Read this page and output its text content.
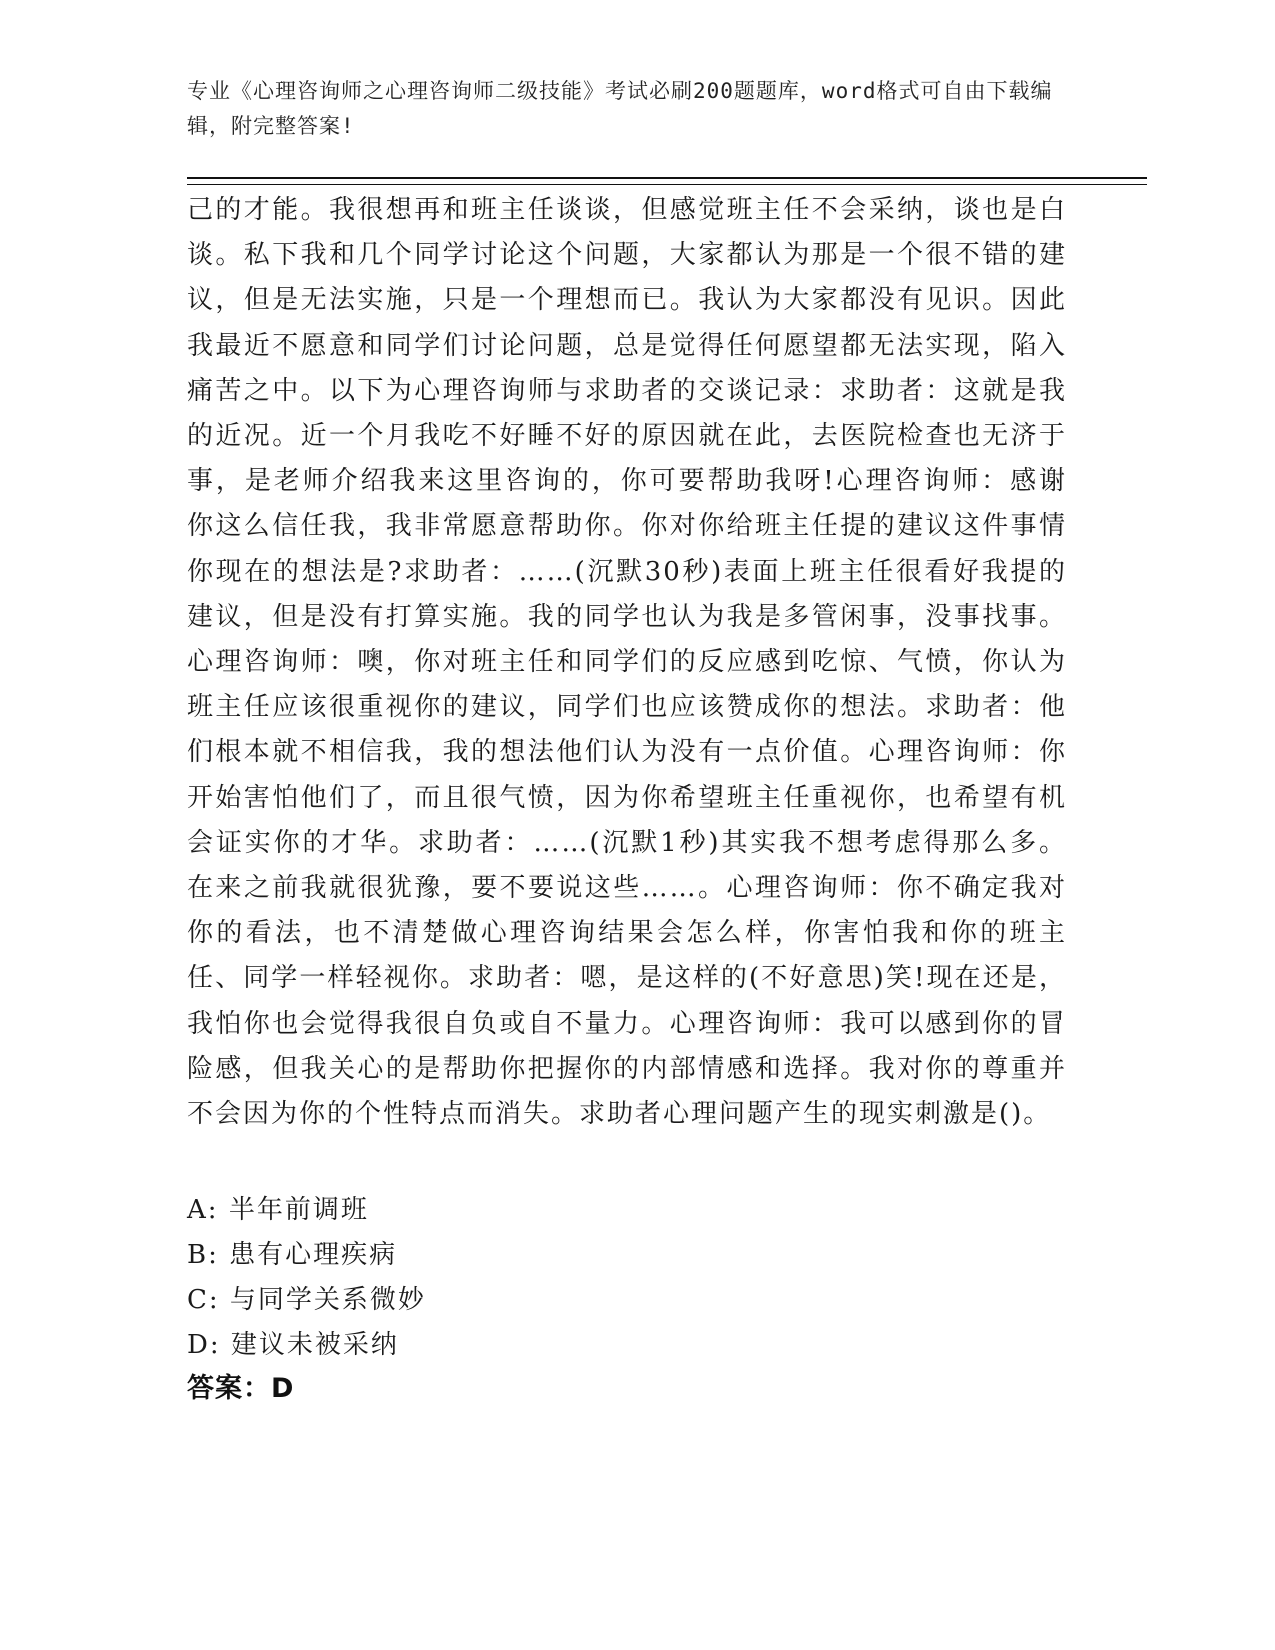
专业《心理咨询师之心理咨询师二级技能》考试必刷200题题库，word格式可自由下载编辑，附完整答案!

己的才能。我很想再和班主任谈谈，但感觉班主任不会采纳，谈也是白谈。私下我和几个同学讨论这个问题，大家都认为那是一个很不错的建议，但是无法实施，只是一个理想而已。我认为大家都没有见识。因此我最近不愿意和同学们讨论问题，总是觉得任何愿望都无法实现，陷入痛苦之中。以下为心理咨询师与求助者的交谈记录：求助者：这就是我的近况。近一个月我吃不好睡不好的原因就在此，去医院检查也无济于事，是老师介绍我来这里咨询的，你可要帮助我呀!心理咨询师：感谢你这么信任我，我非常愿意帮助你。你对你给班主任提的建议这件事情你现在的想法是?求助者：……(沉默30秒)表面上班主任很看好我提的建议，但是没有打算实施。我的同学也认为我是多管闲事，没事找事。心理咨询师：噢，你对班主任和同学们的反应感到吃惊、气愤，你认为班主任应该很重视你的建议，同学们也应该赞成你的想法。求助者：他们根本就不相信我，我的想法他们认为没有一点价值。心理咨询师：你开始害怕他们了，而且很气愤，因为你希望班主任重视你，也希望有机会证实你的才华。求助者：……(沉默1秒)其实我不想考虑得那么多。在来之前我就很犹豫，要不要说这些……。心理咨询师：你不确定我对你的看法，也不清楚做心理咨询结果会怎么样，你害怕我和你的班主任、同学一样轻视你。求助者：嗯，是这样的(不好意思)笑!现在还是，我怕你也会觉得我很自负或自不量力。心理咨询师：我可以感到你的冒险感，但我关心的是帮助你把握你的内部情感和选择。我对你的尊重并不会因为你的个性特点而消失。求助者心理问题产生的现实刺激是()。

A: 半年前调班
B: 患有心理疾病
C: 与同学关系微妙
D: 建议未被采纳
答案：D
